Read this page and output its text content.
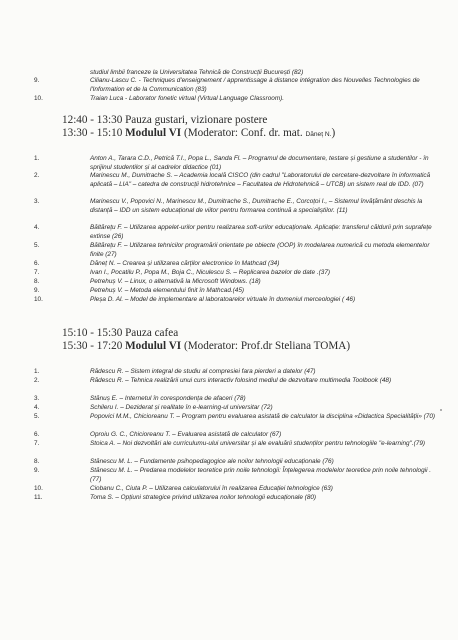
studiul limbii franceze la Universitatea Tehnică de Construcții București (82)
9.	Cilianu-Lascu C. - Techniques d'enseignement / apprentissage à distance intégration des Nouvelles Technologies de l'Information et de la Communication (83)
10.	Traian Luca - Laborator fonetic virtual (Virtual Language Classroom).
12:40 - 13:30 Pauza gustari, vizionare postere
13:30 - 15:10 Modulul VI (Moderator: Conf. dr. mat. Dăneț N.)
1.	Anton A., Tarara C.D., Petrică T.I., Popa L., Sanda Fl. – Programul de documentare, testare și gestiune a studentilor - în sprijinul studentilor și al cadrelor didactice (01)
2.	Marinescu M., Dumitrache S. – Academia locală CISCO (din cadrul "Laboratorului de cercetare-dezvoltare în informatică aplicată – LIA" – catedra de construcții hidrotehnice – Facultatea de Hidrotehnică – UTCB) un sistem real de IDD. (07)
3.	Marinescu V., Popovici N., Marinescu M., Dumitrache S., Dumitrache E., Corcoțoi I., – Sistemul învățământ deschis la distanță – IDD un sistem educațional de viitor pentru formarea continuă a specialiștilor. (11)
4.	Băltărețu F. – Utilizarea appelet-urilor pentru realizarea soft-urilor educaționale. Aplicație: transferul căldurii prin suprafețe extinse (26)
5.	Băltărețu F. – Utilizarea tehnicilor programării orientate pe obiecte (OOP) în modelarea numerică cu metoda elementelor finite (27)
6.	Dăneț N. – Crearea și utilizarea cărților electronice în Mathcad (34)
7.	Ivan I., Pocatilu P., Popa M., Boja C., Niculescu S. – Replicarea bazelor de date .(37)
8.	Petrehuș V. – Linux, o alternativă la Microsoft Windows. (18)
9.	Petrehuș V. – Metoda elementului finit în Mathcad.(45)
10.	Pleșa D. Al. – Model de implementare al laboratoarelor virtuale în domeniul merceologiei ( 46)
15:10 - 15:30 Pauza cafea
15:30 - 17:20 Modulul VI (Moderator: Prof.dr Steliana TOMA)
1.	Rădescu R. – Sistem integral de studiu al compresiei fara pierderi a datelor (47)
2.	Rădescu R. – Tehnica realizării unui curs interactiv folosind mediul de dezvoltare multimedia Toolbook (48)
3.	Stănuș E. – Internetul în corespondența de afaceri (78)
4.	Schileru I. – Deziderat și realitate în e-learning-ul universitar (72)
5.	Popovici M.M., Chicioreanu T. – Program pentru evaluarea asistată de calculator la disciplina «Didactica Specialității» (70)
6.	Oproiu G. C., Chicioreanu T. – Evaluarea asistată de calculator (67)
7.	Stoica A. – Noi dezvoltări ale curriculumu-ului universitar și ale evaluării studenților pentru tehnologiile "e-learning".(79)
8.	Stănescu M. L. – Fundamente psihopedagogice ale noilor tehnologii educaționale (76)
9.	Stănescu M. L. – Predarea modelelor teoretice prin noile tehnologii: Înțelegerea modelelor teoretice prin noile tehnologii .(77)
10.	Ciobanu C., Ciuta P. – Utilizarea calculatorului în realizarea Educației tehnologice (63)
11.	Toma S. – Opțiuni strategice privind utilizarea noilor tehnologii educaționale (80)
